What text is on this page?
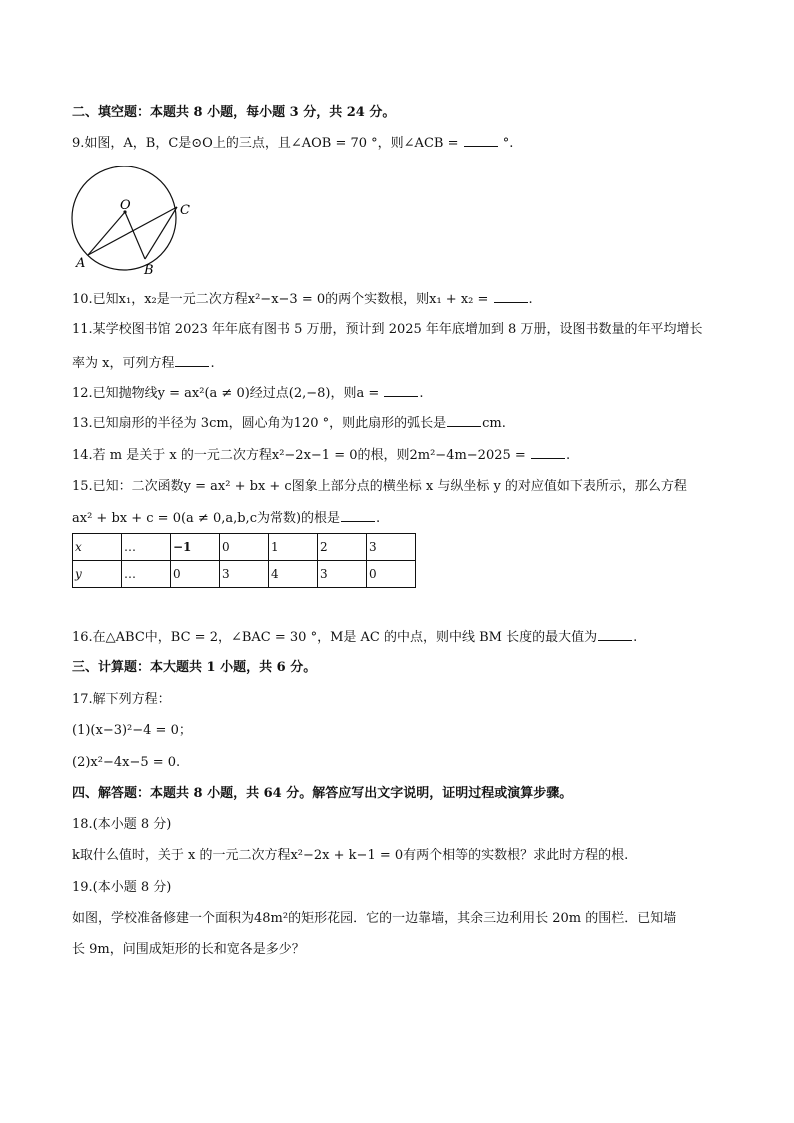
二、填空题：本题共 8 小题，每小题 3 分，共 24 分。
9.如图，A，B，C是⊙O上的三点，且∠AOB = 70 °，则∠ACB =	°.
O
A	B
C
10.已知x₁，x₂是一元二次方程x²−x−3 = 0的两个实数根，则x₁ + x₂ =	.
11.某学校图书馆 2023 年年底有图书 5 万册，预计到 2025 年年底增加到 8 万册，设图书数量的年平均增长
率为 x，可列方程	.
12.已知抛物线y = ax²(a ≠ 0)经过点(2,−8)，则a =	.
13.已知扇形的半径为 3cm，圆心角为120 °，则此扇形的弧长是	cm.
14.若 m 是关于 x 的一元二次方程x²−2x−1 = 0的根，则2m²−4m−2025 =	.
15.已知：二次函数y = ax² + bx + c图象上部分点的横坐标 x 与纵坐标 y 的对应值如下表所示，那么方程
ax² + bx + c = 0(a ≠ 0,a,b,c为常数)的根是	.
x	…	−1	0	1	2	3
y	…	0	3	4	3	0
16.在△ABC中，BC = 2，∠BAC = 30 °，M是 AC 的中点，则中线 BM 长度的最大值为	.
三、计算题：本大题共 1 小题，共 6 分。
17.解下列方程：
(1)(x−3)²−4 = 0；
(2)x²−4x−5 = 0.
四、解答题：本题共 8 小题，共 64 分。解答应写出文字说明，证明过程或演算步骤。
18.(本小题 8 分)
k取什么值时，关于 x 的一元二次方程x²−2x + k−1 = 0有两个相等的实数根？求此时方程的根.
19.(本小题 8 分)
如图，学校准备修建一个面积为48m²的矩形花园．它的一边靠墙，其余三边利用长 20m 的围栏．已知墙
长 9m，问围成矩形的长和宽各是多少？
